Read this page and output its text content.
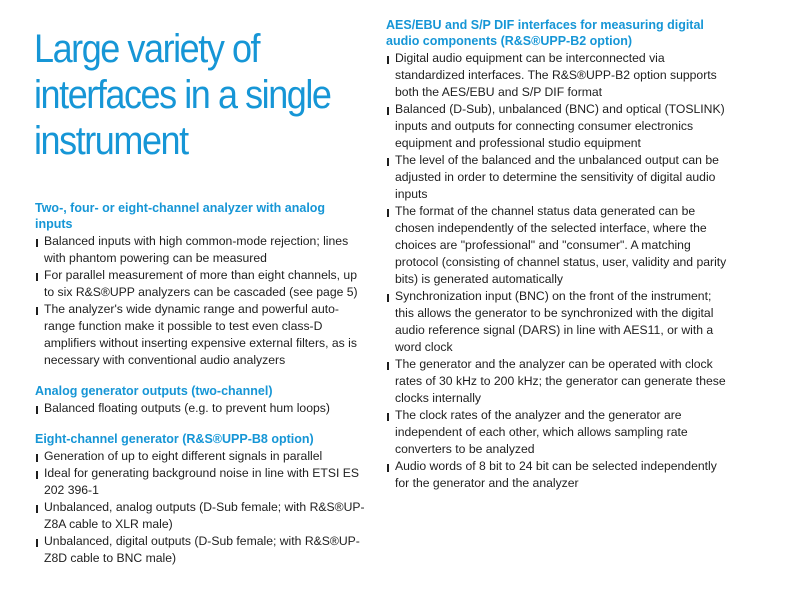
Large variety of interfaces in a single instrument
Two-, four- or eight-channel analyzer with analog inputs
Balanced inputs with high common-mode rejection; lines with phantom powering can be measured
For parallel measurement of more than eight channels, up to six R&S®UPP analyzers can be cascaded (see page 5)
The analyzer's wide dynamic range and powerful auto-range function make it possible to test even class-D amplifiers without inserting expensive external filters, as is necessary with conventional audio analyzers
Analog generator outputs (two-channel)
Balanced floating outputs (e.g. to prevent hum loops)
Eight-channel generator (R&S®UPP-B8 option)
Generation of up to eight different signals in parallel
Ideal for generating background noise in line with ETSI ES 202 396-1
Unbalanced, analog outputs (D-Sub female; with R&S®UP-Z8A cable to XLR male)
Unbalanced, digital outputs (D-Sub female; with R&S®UP-Z8D cable to BNC male)
AES/EBU and S/P DIF interfaces for measuring digital audio components (R&S®UPP-B2 option)
Digital audio equipment can be interconnected via standardized interfaces. The R&S®UPP-B2 option supports both the AES/EBU and S/P DIF format
Balanced (D-Sub), unbalanced (BNC) and optical (TOSLINK) inputs and outputs for connecting consumer electronics equipment and professional studio equipment
The level of the balanced and the unbalanced output can be adjusted in order to determine the sensitivity of digital audio inputs
The format of the channel status data generated can be chosen independently of the selected interface, where the choices are "professional" and "consumer". A matching protocol (consisting of channel status, user, validity and parity bits) is generated automatically
Synchronization input (BNC) on the front of the instrument; this allows the generator to be synchronized with the digital audio reference signal (DARS) in line with AES11, or with a word clock
The generator and the analyzer can be operated with clock rates of 30 kHz to 200 kHz; the generator can generate these clocks internally
The clock rates of the analyzer and the generator are independent of each other, which allows sampling rate converters to be analyzed
Audio words of 8 bit to 24 bit can be selected independently for the generator and the analyzer
